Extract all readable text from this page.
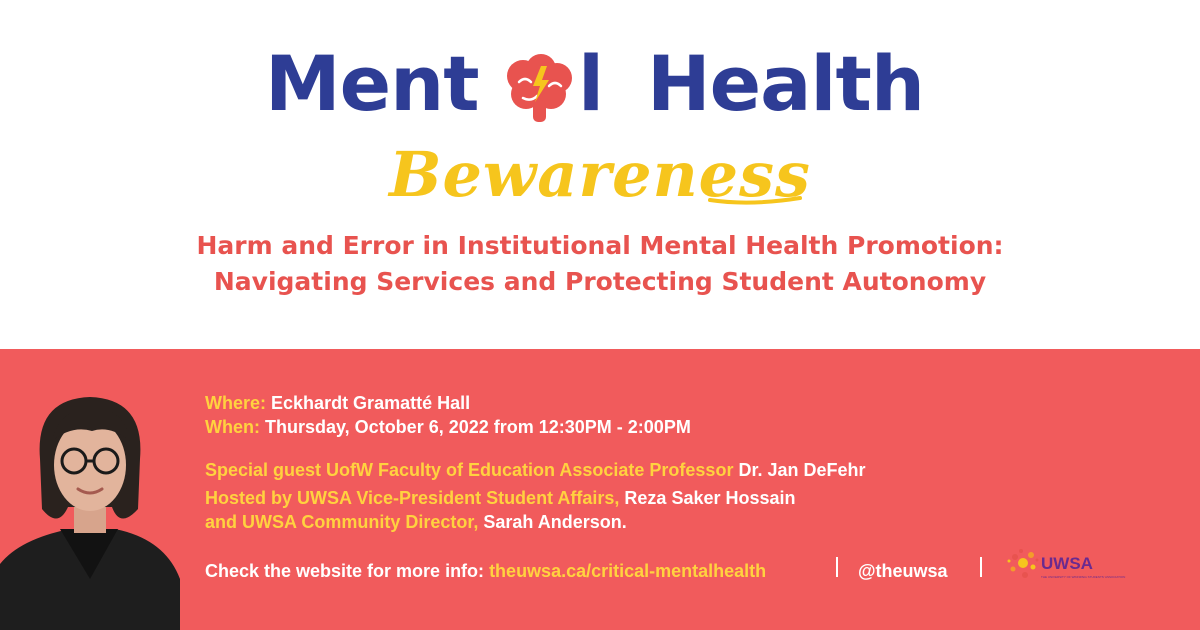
Ment l Health
Bewareness
Harm and Error in Institutional Mental Health Promotion:
Navigating Services and Protecting Student Autonomy
Where: Eckhardt Gramatté Hall
When: Thursday, October 6, 2022 from 12:30PM - 2:00PM
Special guest UofW Faculty of Education Associate Professor Dr. Jan DeFehr
Hosted by UWSA Vice-President Student Affairs, Reza Saker Hossain
and UWSA Community Director, Sarah Anderson.
Check the website for more info: theuwsa.ca/critical-mentalhealth	@theuwsa	UWSA
THE UNIVERSITY OF WINNIPEG STUDENTS' ASSOCIATION
